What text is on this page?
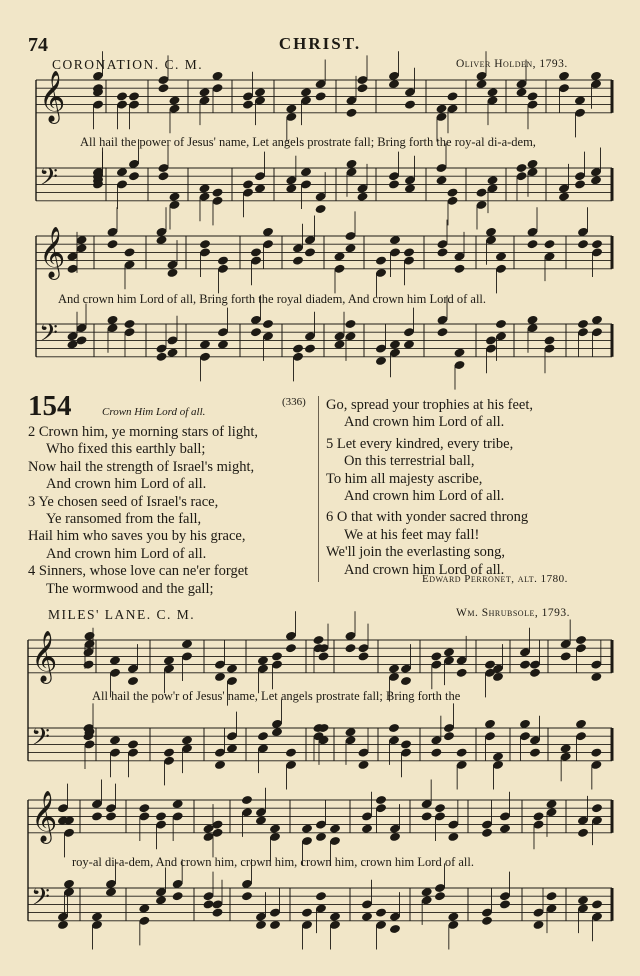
74	CHRIST.
CORONATION. C. M.	Oliver Holden, 1793.
All hail the power of Jesus' name, Let angels prostrate fall; Bring forth the roy-al di-a-dem,
And crown him Lord of all, Bring forth the royal diadem, And crown him Lord of all.
154	Crown Him Lord of all.
(336)
2 Crown him, ye morning stars of light,
Who fixed this earthly ball;
Now hail the strength of Israel's might,
And crown him Lord of all.
3 Ye chosen seed of Israel's race,
Ye ransomed from the fall,
Hail him who saves you by his grace,
And crown him Lord of all.
4 Sinners, whose love can ne'er forget
The wormwood and the gall;
Go, spread your trophies at his feet,
And crown him Lord of all.
5 Let every kindred, every tribe,
On this terrestrial ball,
To him all majesty ascribe,
And crown him Lord of all.
6 O that with yonder sacred throng
We at his feet may fall!
We'll join the everlasting song,
And crown him Lord of all.
Edward Perronet, alt. 1780.
MILES' LANE. C. M.	Wm. Shrubsole, 1793.
All hail the pow'r of Jesus' name, Let angels prostrate fall; Bring forth the
roy-al di-a-dem, And crown him, crown him, crown him, crown him Lord of all.
𝄞
𝄢
𝄞
𝄢
𝄞
𝄢
𝄞
𝄢
